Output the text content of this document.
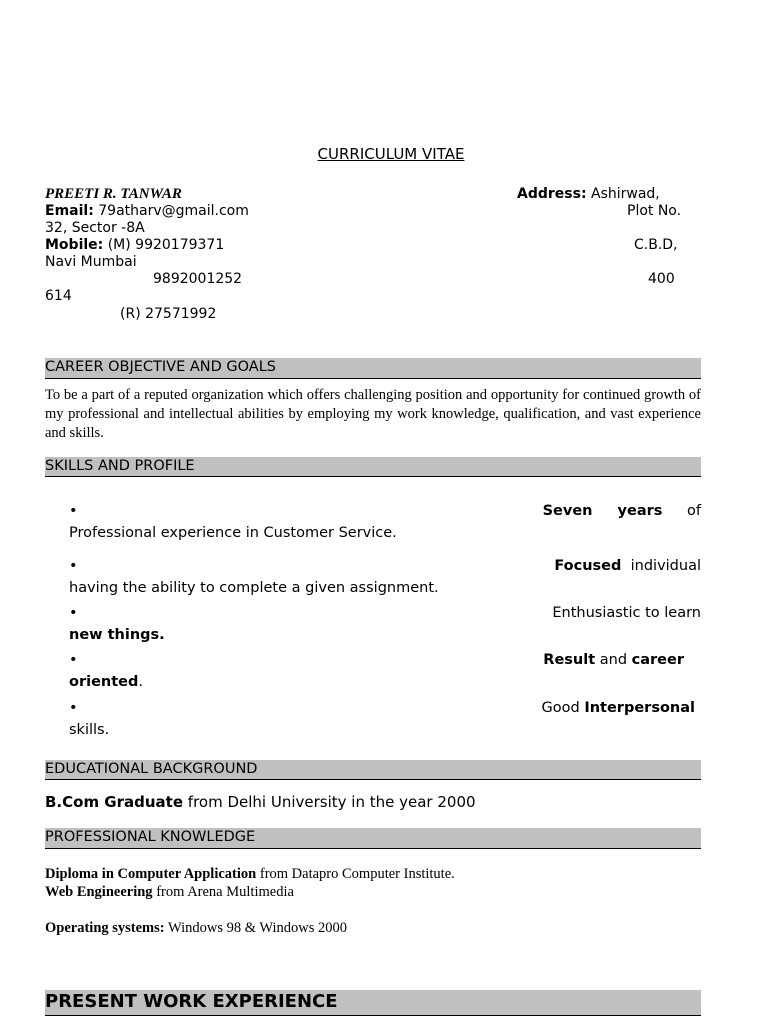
CURRICULUM VITAE
PREETI R. TANWAR	Address: Ashirwad,
Email: 79atharv@gmail.com	Plot No.
32, Sector -8A
Mobile: (M) 9920179371	C.B.D,
Navi Mumbai
9892001252	400
614
(R) 27571992
CAREER OBJECTIVE AND GOALS
To be a part of a reputed organization which offers challenging position and opportunity for continued growth of my professional and intellectual abilities by employing my work knowledge, qualification, and vast experience and skills.
SKILLS AND PROFILE
•	Seven years of
Professional experience in Customer Service.
•	Focused individual
having the ability to complete a given assignment.
•	Enthusiastic to learn
new things.
•	Result and career
oriented.
•	Good Interpersonal
skills.
EDUCATIONAL BACKGROUND
B.Com Graduate from Delhi University in the year 2000
PROFESSIONAL KNOWLEDGE
Diploma in Computer Application from Datapro Computer Institute.
Web Engineering from Arena Multimedia
Operating systems: Windows 98 & Windows 2000
PRESENT WORK EXPERIENCE
